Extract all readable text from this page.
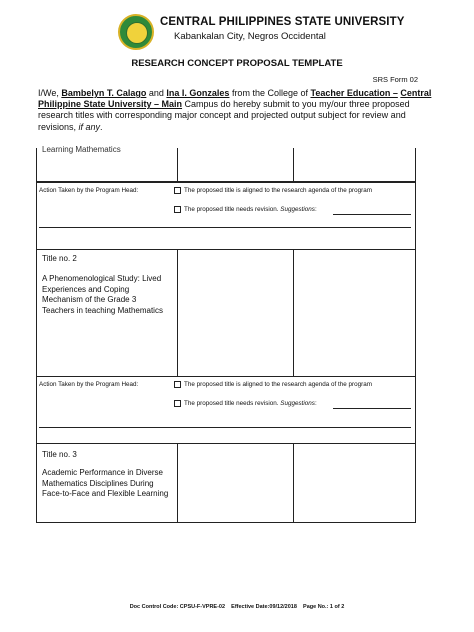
CENTRAL PHILIPPINES STATE UNIVERSITY
Kabankalan City, Negros Occidental
RESEARCH CONCEPT PROPOSAL TEMPLATE
SRS Form 02
I/We, Bambelyn T. Calago and Ina I. Gonzales from the College of Teacher Education – Central Philippine State University – Main Campus do hereby submit to you my/our three proposed research titles with corresponding major concept and projected output subject for review and revisions, if any.
Learning Mathematics
Action Taken by the Program Head:	The proposed title is aligned to the research agenda of the program
The proposed title needs revision. Suggestions:
Title no. 2
A Phenomenological Study: Lived Experiences and Coping Mechanism of the Grade 3 Teachers in teaching Mathematics
Action Taken by the Program Head:	The proposed title is aligned to the research agenda of the program
The proposed title needs revision. Suggestions:
Title no. 3
Academic Performance in Diverse Mathematics Disciplines During Face-to-Face and Flexible Learning
Doc Control Code: CPSU-F-VPRE-02 Effective Date:09/12/2018 Page No.: 1 of 2
